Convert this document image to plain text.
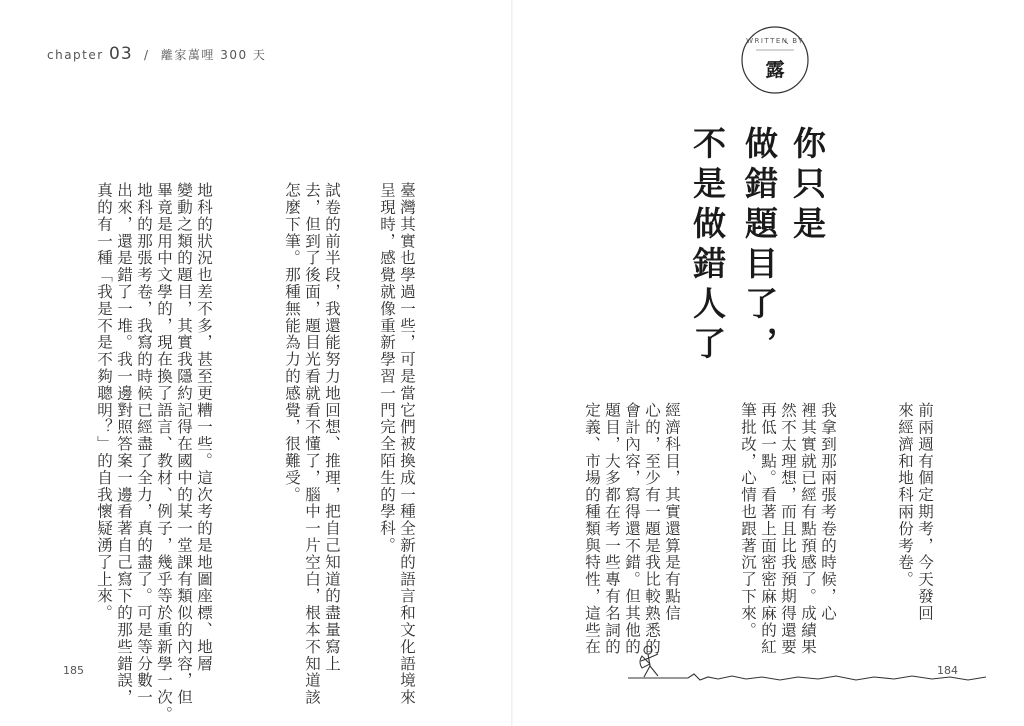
chapter 03 / 離家萬哩 300 天
臺灣其實也學過一些，可是當它們被換成一種全新的語言和文化語境來
呈現時，感覺就像重新學習一門完全陌生的學科。
試卷的前半段，我還能努力地回想、推理，把自己知道的盡量寫上
去，但到了後面，題目光看就看不懂了，腦中一片空白，根本不知道該
怎麼下筆。那種無能為力的感覺，很難受。
地科的狀況也差不多，甚至更糟一些。這次考的是地圖座標、地層
變動之類的題目，其實我隱約記得在國中的某一堂課有類似的內容，但
畢竟是用中文學的，現在換了語言、教材、例子，幾乎等於重新學一次。
地科的那張考卷，我寫的時候已經盡了全力，真的盡了。可是等分數一
出來，還是錯了一堆。我一邊對照答案一邊看著自己寫下的那些錯誤，
真的有一種「我是不是不夠聰明？」的自我懷疑湧了上來。
185
WRITTEN BY
露
你只是
做錯題目了，
不是做錯人了
前兩週有個定期考，今天發回
來經濟和地科兩份考卷。
我拿到那兩張考卷的時候，心
裡其實就已經有點預感了。成績果
然不太理想，而且比我預期得還要
再低一點。看著上面密密麻麻的紅
筆批改，心情也跟著沉了下來。
經濟科目，其實還算是有點信
心的，至少有一題是我比較熟悉的
會計內容，寫得還不錯。但其他的
題目，大多都在考一些專有名詞的
定義、市場的種類與特性，這些在
184
